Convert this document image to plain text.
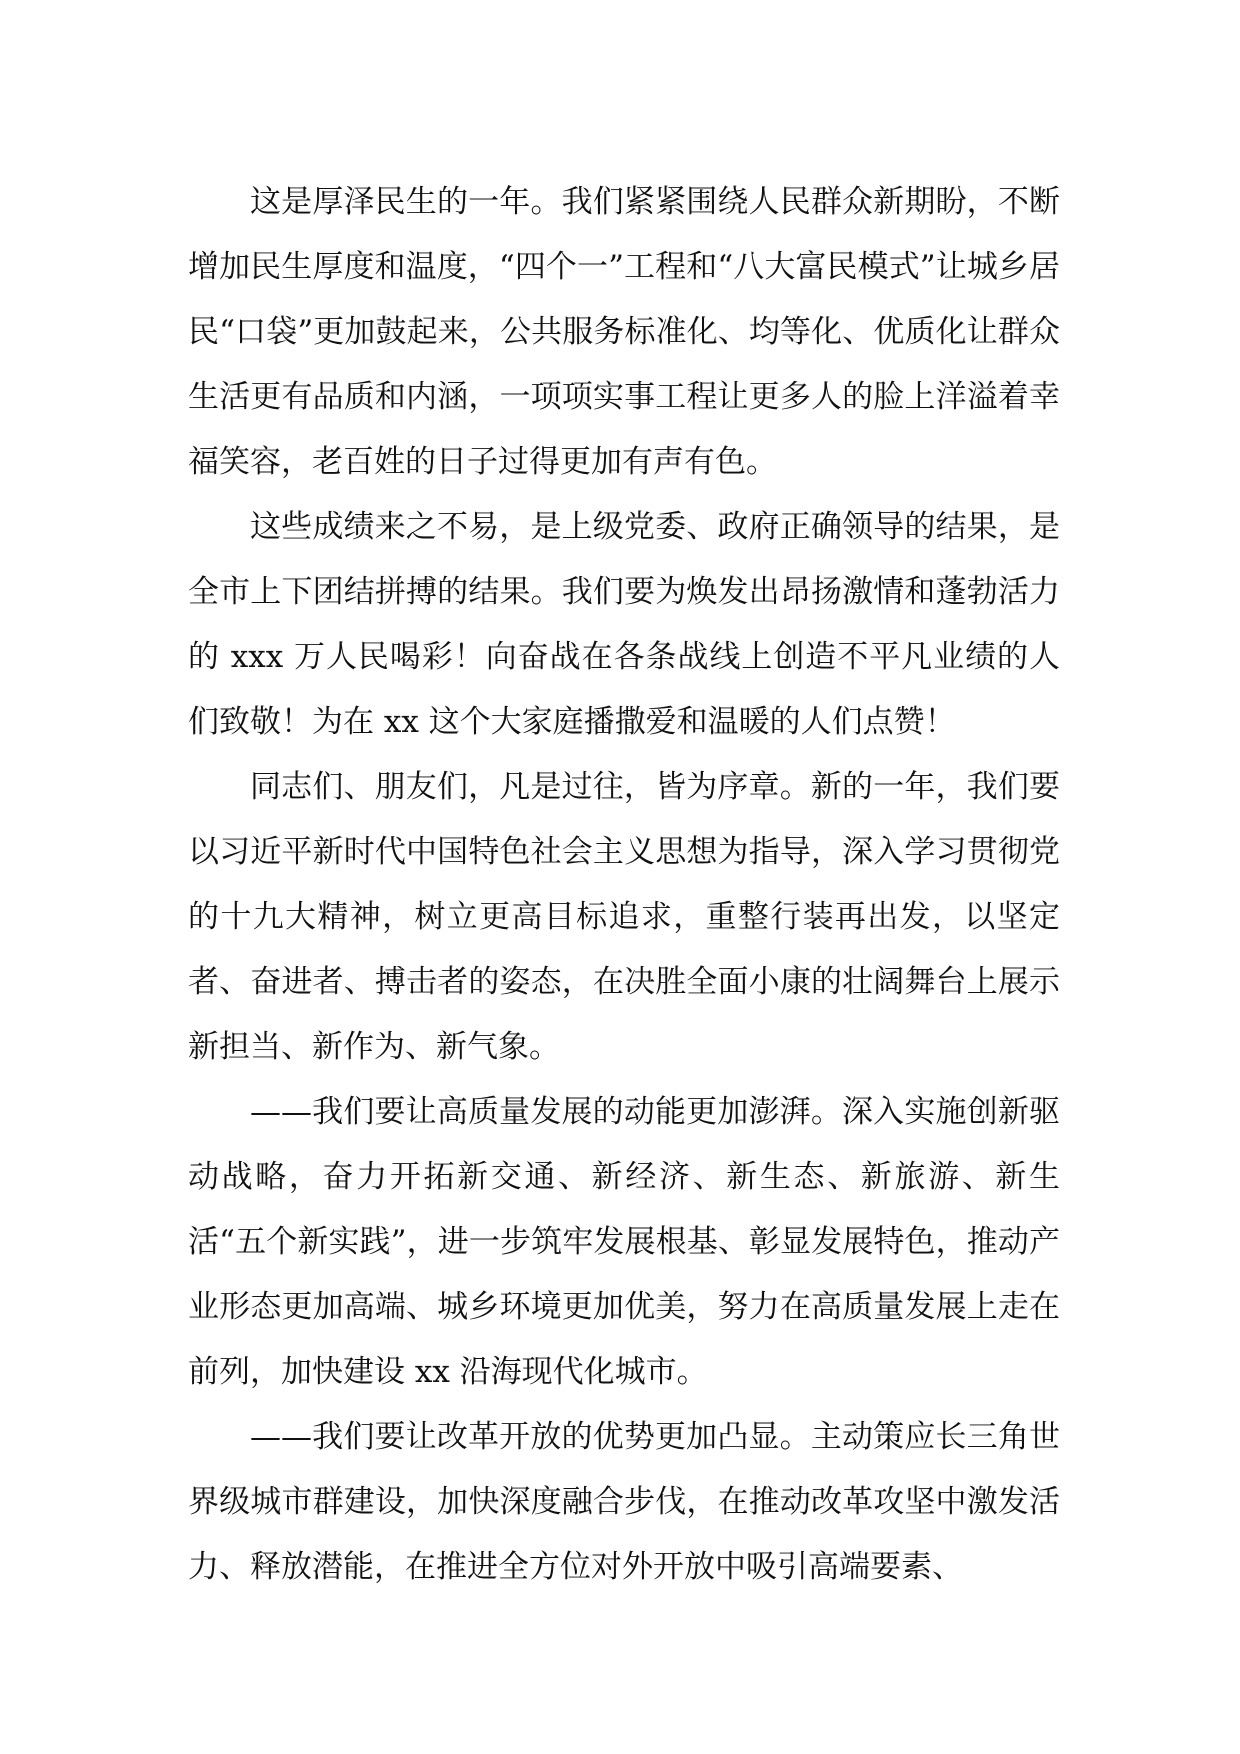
这是厚泽民生的一年。我们紧紧围绕人民群众新期盼，不断增加民生厚度和温度，“四个一”工程和“八大富民模式”让城乡居民“口袋”更加鼓起来，公共服务标准化、均等化、优质化让群众生活更有品质和内涵，一项项实事工程让更多人的脸上洋溢着幸福笑容，老百姓的日子过得更加有声有色。

这些成绩来之不易，是上级党委、政府正确领导的结果，是全市上下团结拼搏的结果。我们要为焕发出昂扬激情和蓬勃活力的 xxx 万人民喝彩！向奋战在各条战线上创造不平凡业绩的人们致敬！为在 xx 这个大家庭播撒爱和温暖的人们点赞！

同志们、朋友们，凡是过往，皆为序章。新的一年，我们要以习近平新时代中国特色社会主义思想为指导，深入学习贯彻党的十九大精神，树立更高目标追求，重整行装再出发，以坚定者、奋进者、搏击者的姿态，在决胜全面小康的壮阔舞台上展示新担当、新作为、新气象。

——我们要让高质量发展的动能更加澎湃。深入实施创新驱动战略，奋力开拓新交通、新经济、新生态、新旅游、新生活“五个新实践”，进一步筑牢发展根基、彰显发展特色，推动产业形态更加高端、城乡环境更加优美，努力在高质量发展上走在前列，加快建设 xx 沿海现代化城市。

——我们要让改革开放的优势更加凸显。主动策应长三角世界级城市群建设，加快深度融合步伐，在推动改革攻坚中激发活力、释放潜能，在推进全方位对外开放中吸引高端要素、
